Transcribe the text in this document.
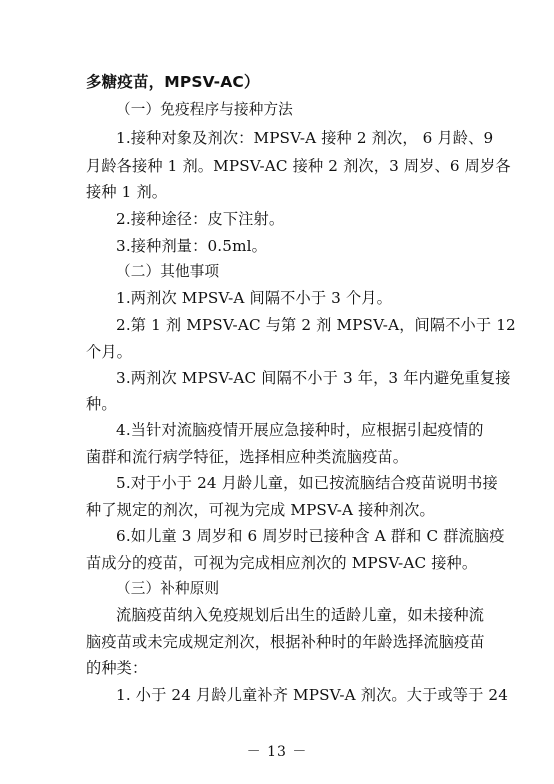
多糖疫苗，MPSV-AC）
（一）免疫程序与接种方法
1.接种对象及剂次：MPSV-A 接种 2 剂次， 6 月龄、9
月龄各接种 1 剂。MPSV-AC 接种 2 剂次，3 周岁、6 周岁各
接种 1 剂。
2.接种途径：皮下注射。
3.接种剂量：0.5ml。
（二）其他事项
1.两剂次 MPSV-A 间隔不小于 3 个月。
2.第 1 剂 MPSV-AC 与第 2 剂 MPSV-A，间隔不小于 12
个月。
3.两剂次 MPSV-AC 间隔不小于 3 年，3 年内避免重复接
种。
4.当针对流脑疫情开展应急接种时，应根据引起疫情的
菌群和流行病学特征，选择相应种类流脑疫苗。
5.对于小于 24 月龄儿童，如已按流脑结合疫苗说明书接
种了规定的剂次，可视为完成 MPSV-A 接种剂次。
6.如儿童 3 周岁和 6 周岁时已接种含 A 群和 C 群流脑疫
苗成分的疫苗，可视为完成相应剂次的 MPSV-AC 接种。
（三）补种原则
流脑疫苗纳入免疫规划后出生的适龄儿童，如未接种流
脑疫苗或未完成规定剂次，根据补种时的年龄选择流脑疫苗
的种类：
1. 小于 24 月龄儿童补齐 MPSV-A 剂次。大于或等于 24
－ 13 －
